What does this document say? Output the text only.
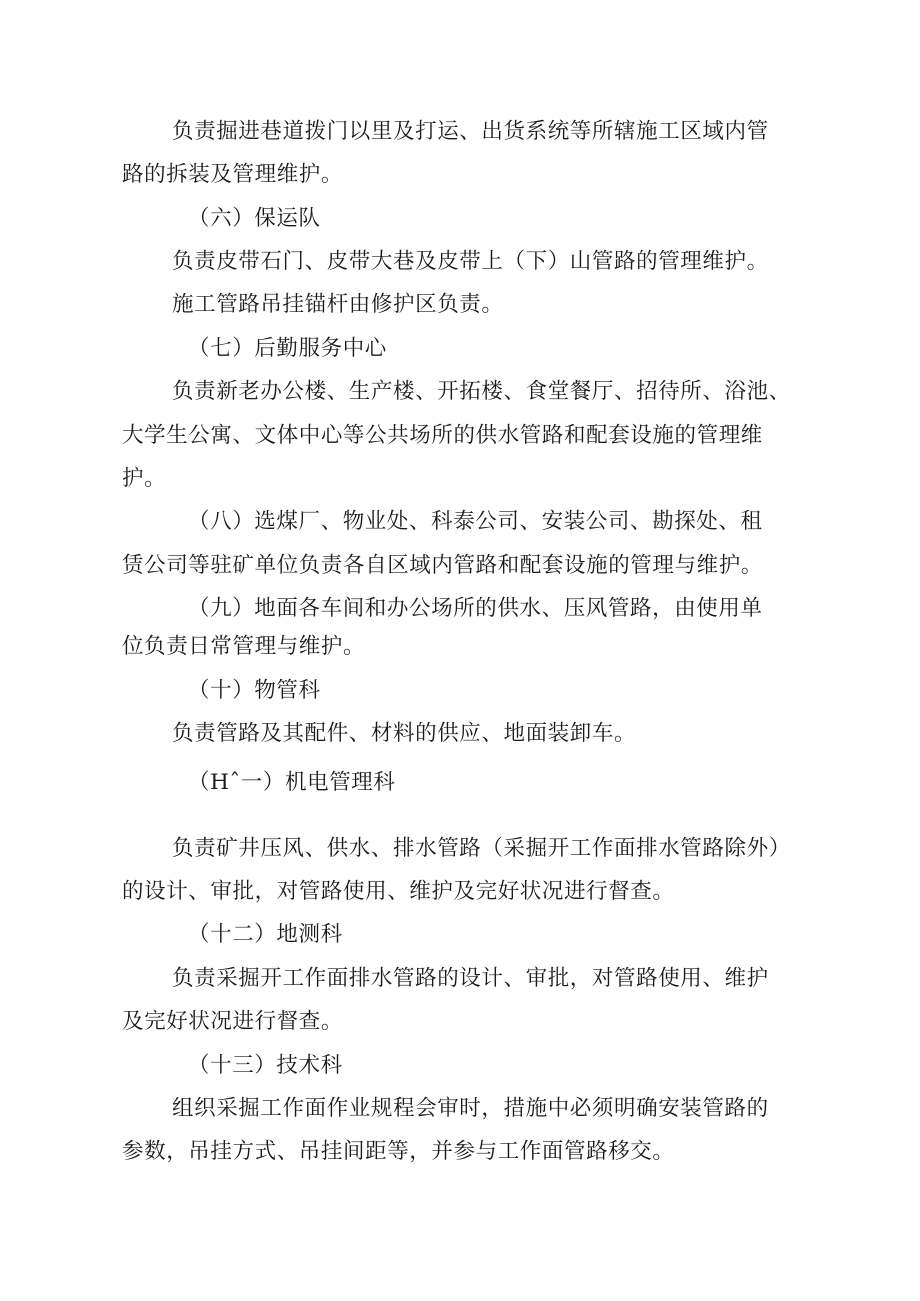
负责掘进巷道拨门以里及打运、出货系统等所辖施工区域内管
路的拆装及管理维护。
（六）保运队
负责皮带石门、皮带大巷及皮带上（下）山管路的管理维护。
施工管路吊挂锚杆由修护区负责。
（七）后勤服务中心
负责新老办公楼、生产楼、开拓楼、食堂餐厅、招待所、浴池、
大学生公寓、文体中心等公共场所的供水管路和配套设施的管理维
护。
（八）选煤厂、物业处、科泰公司、安装公司、勘探处、租
赁公司等驻矿单位负责各自区域内管路和配套设施的管理与维护。
（九）地面各车间和办公场所的供水、压风管路，由使用单
位负责日常管理与维护。
（十）物管科
负责管路及其配件、材料的供应、地面装卸车。
（Hˆ一）机电管理科
负责矿井压风、供水、排水管路（采掘开工作面排水管路除外）
的设计、审批，对管路使用、维护及完好状况进行督查。
（十二）地测科
负责采掘开工作面排水管路的设计、审批，对管路使用、维护
及完好状况进行督查。
（十三）技术科
组织采掘工作面作业规程会审时，措施中必须明确安装管路的
参数，吊挂方式、吊挂间距等，并参与工作面管路移交。
